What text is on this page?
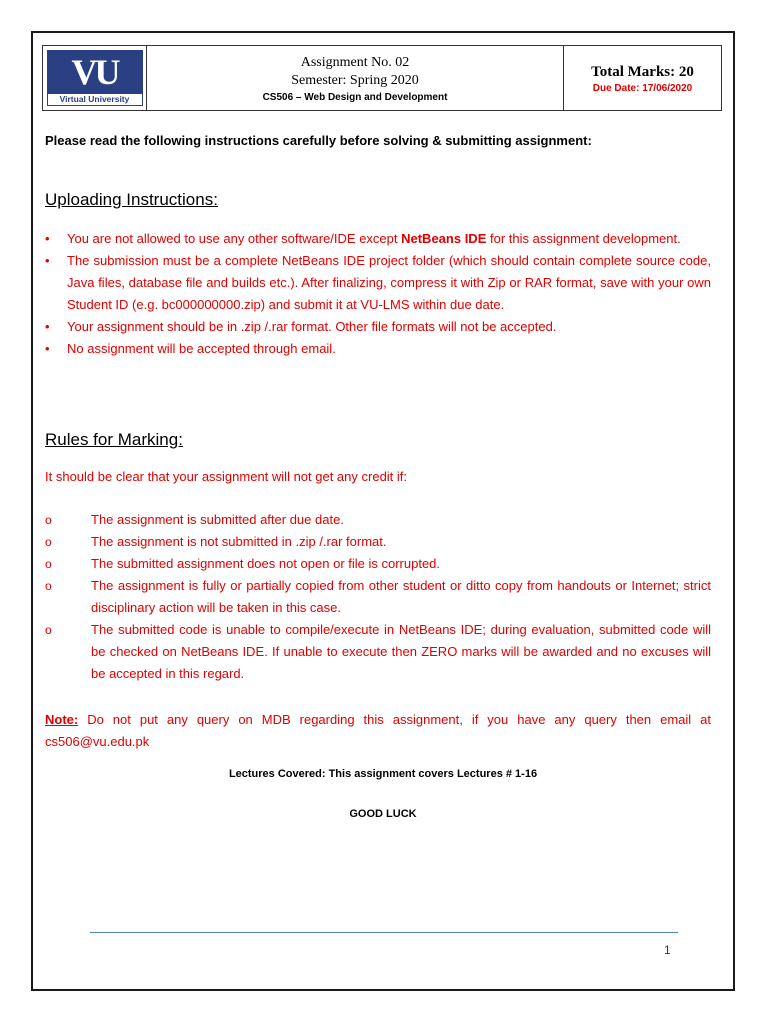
VU
Virtual University
Assignment No. 02
Semester: Spring 2020
CS506 – Web Design and Development
Total Marks: 20
Due Date: 17/06/2020
Please read the following instructions carefully before solving & submitting assignment:
Uploading Instructions:
•	You are not allowed to use any other software/IDE except NetBeans IDE for this assignment development.
•	The submission must be a complete NetBeans IDE project folder (which should contain complete source code, Java files, database file and builds etc.). After finalizing, compress it with Zip or RAR format, save with your own Student ID (e.g. bc000000000.zip) and submit it at VU-LMS within due date.
•	Your assignment should be in .zip /.rar format. Other file formats will not be accepted.
•	No assignment will be accepted through email.
Rules for Marking:
It should be clear that your assignment will not get any credit if:
o	The assignment is submitted after due date.
o	The assignment is not submitted in .zip /.rar format.
o	The submitted assignment does not open or file is corrupted.
o	The assignment is fully or partially copied from other student or ditto copy from handouts or Internet; strict disciplinary action will be taken in this case.
o	The submitted code is unable to compile/execute in NetBeans IDE; during evaluation, submitted code will be checked on NetBeans IDE. If unable to execute then ZERO marks will be awarded and no excuses will be accepted in this regard.
Note: Do not put any query on MDB regarding this assignment, if you have any query then email at cs506@vu.edu.pk
Lectures Covered: This assignment covers Lectures # 1-16
GOOD LUCK
1
